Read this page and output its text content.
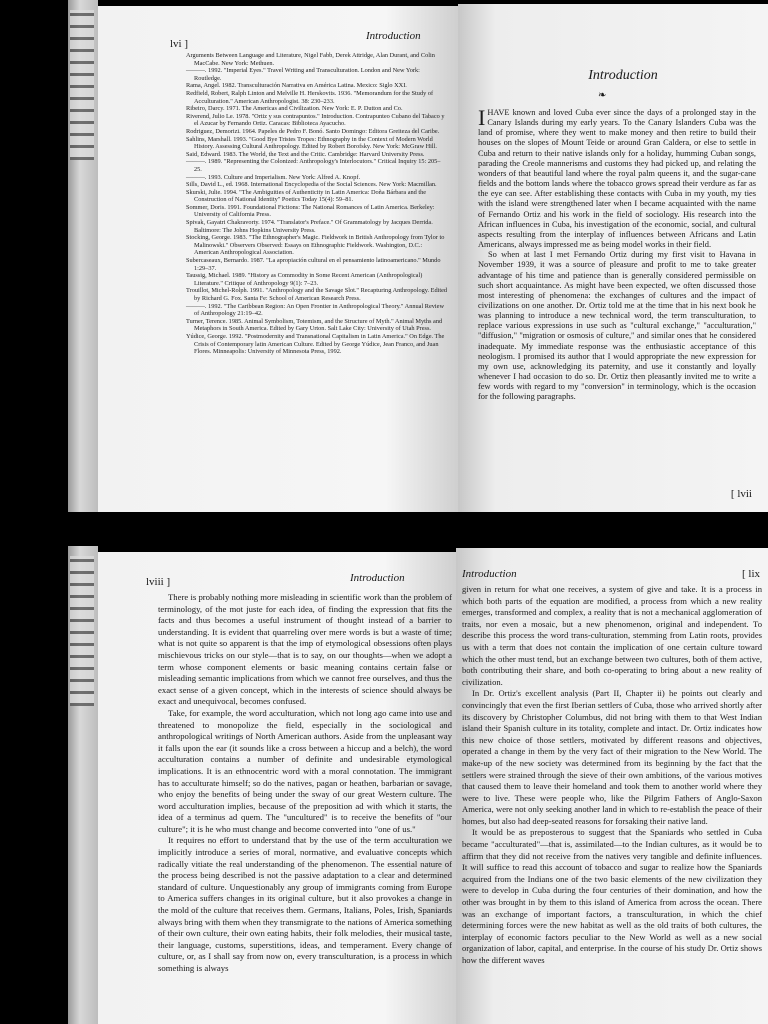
lvi ]
Introduction
Arguments Between Language and Literature, Nigel Fabb, Derek Attridge, Alan Durant, and Colin MacCabe. New York: Methuen.
———. 1992. "Imperial Eyes." Travel Writing and Transculturation. London and New York: Routledge.
Rama, Angel. 1982. Transculturación Narrativa en América Latina. Mexico: Siglo XXI.
Redfield, Robert, Ralph Linton and Melville H. Herskovits. 1936. "Memorandum for the Study of Acculturation." American Anthropologist. 38: 230–233.
Ribeiro, Darcy. 1971. The Americas and Civilization. New York: E. P. Dutton and Co.
Riverend, Julio Le. 1978. "Ortiz y sus contrapuntos." Introduction. Contrapunteo Cubano del Tabaco y el Azucar by Fernando Ortiz. Caracas: Biblioteca Ayacucho.
Rodriguez, Demorizi. 1964. Papeles de Pedro F. Bonó. Santo Domingo: Editora Greiteza del Caribe.
Sahlins, Marshall. 1993. "Good Bye Tristes Tropes: Ethnography in the Context of Modern World History. Assessing Cultural Anthropology. Edited by Robert Borofsky. New York: McGraw Hill.
Said, Edward. 1983. The World, the Text and the Critic. Cambridge: Harvard University Press.
———. 1989. "Representing the Colonized: Anthropology's Interlocutors." Critical Inquiry 15: 205–25.
———. 1993. Culture and Imperialism. New York: Alfred A. Knopf.
Sills, David L., ed. 1968. International Encyclopedia of the Social Sciences. New York: Macmillan.
Skurski, Julie. 1994. "The Ambiguities of Authenticity in Latin America: Doña Bárbara and the Construction of National Identity" Poetics Today 15(4): 59–81.
Sommer, Doris. 1991. Foundational Fictions: The National Romances of Latin America. Berkeley: University of California Press.
Spivak, Gayatri Chakravorty. 1974. "Translator's Preface." Of Grammatology by Jacques Derrida. Baltimore: The Johns Hopkins University Press.
Stocking, George. 1983. "The Ethnographer's Magic. Fieldwork in British Anthropology from Tylor to Malinowski." Observers Observed: Essays on Ethnographic Fieldwork. Washington, D.C.: American Anthropological Association.
Subercaseaux, Bernardo. 1987. "La apropiación cultural en el pensamiento latinoamericano." Mundo 1:29–37.
Taussig, Michael. 1989. "History as Commodity in Some Recent American (Anthropological) Literature." Critique of Anthropology 9(1): 7–23.
Trouillot, Michel-Rolph. 1991. "Anthropology and the Savage Slot." Recapturing Anthropology. Edited by Richard G. Fox. Santa Fe: School of American Research Press.
———. 1992. "The Caribbean Region: An Open Frontier in Anthropological Theory." Annual Review of Anthropology 21:19–42.
Turner, Terence. 1985. Animal Symbolism, Totemism, and the Structure of Myth." Animal Myths and Metaphors in South America. Edited by Gary Urton. Salt Lake City: University of Utah Press.
Yúdice, George. 1992. "Postmodernity and Transnational Capitalism in Latin America." On Edge. The Crisis of Contemporary latin American Culture. Edited by George Yúdice, Jean Franco, and Juan Flores. Minneapolis: University of Minnesota Press, 1992.
Introduction
❧

IHAVE known and loved Cuba ever since the days of a prolonged stay in the Canary Islands during my early years. To the Canary Islanders Cuba was the land of promise, where they went to make money and then retire to build their houses on the slopes of Mount Teide or around Gran Caldera, or else to settle in Cuba and return to their native islands only for a holiday, humming Cuban songs, parading the Creole mannerisms and customs they had picked up, and relating the wonders of that beautiful land where the royal palm queens it, and the sugar-cane fields and the bottom lands where the tobacco grows spread their verdure as far as the eye can see. After establishing these contacts with Cuba in my youth, my ties with the island were strengthened later when I became acquainted with the name of Fernando Ortiz and his work in the field of sociology. His research into the African influences in Cuba, his investigation of the economic, social, and cultural aspects resulting from the interplay of influences between Africans and Latin Americans, always impressed me as being model works in their field.

So when at last I met Fernando Ortiz during my first visit to Havana in November 1939, it was a source of pleasure and profit to me to take greater advantage of his time and patience than is generally considered permissible on such short acquaintance. As might have been expected, we often discussed those most interesting of phenomena: the exchanges of cultures and the impact of civilizations on one another. Dr. Ortiz told me at the time that in his next book he was planning to introduce a new technical word, the term transculturation, to replace various expressions in use such as "cultural exchange," "acculturation," "diffusion," "migration or osmosis of culture," and similar ones that he considered inadequate. My immediate response was the enthusiastic acceptance of this neologism. I promised its author that I would appropriate the new expression for my own use, acknowledging its paternity, and use it constantly and loyally whenever I had occasion to do so. Dr. Ortiz then pleasantly invited me to write a few words with regard to my "conversion" in terminology, which is the occasion for the following paragraphs.

[ lvii
lviii ]	Introduction

There is probably nothing more misleading in scientific work than the problem of terminology, of the mot juste for each idea, of finding the expression that fits the facts and thus becomes a useful instrument of thought instead of a barrier to understanding. It is evident that quarreling over mere words is but a waste of time; what is not quite so apparent is that the imp of etymological obsessions often plays mischievous tricks on our style—that is to say, on our thoughts—when we adopt a term whose component elements or basic meaning contains certain false or misleading semantic implications from which we cannot free ourselves, and thus the exact sense of a given concept, which in the interests of science should always be exact and unequivocal, becomes confused.

Take, for example, the word acculturation, which not long ago came into use and threatened to monopolize the field, especially in the sociological and anthropological writings of North American authors. Aside from the unpleasant way it falls upon the ear (it sounds like a cross between a hiccup and a belch), the word acculturation contains a number of definite and undesirable etymological implications. It is an ethnocentric word with a moral connotation. The immigrant has to acculturate himself; so do the natives, pagan or heathen, barbarian or savage, who enjoy the benefits of being under the sway of our great Western culture. The word acculturation implies, because of the preposition ad with which it starts, the idea of a terminus ad quem. The "uncultured" is to receive the benefits of "our culture"; it is he who must change and become converted into "one of us."

It requires no effort to understand that by the use of the term acculturation we implicitly introduce a series of moral, normative, and evaluative concepts which radically vitiate the real understanding of the phenomenon. The essential nature of the process being described is not the passive adaptation to a clear and determined standard of culture. Unquestionably any group of immigrants coming from Europe to America suffers changes in its original culture, but it also provokes a change in the mold of the culture that receives them. Germans, Italians, Poles, Irish, Spaniards always bring with them when they transmigrate to the nations of America something of their own culture, their own eating habits, their folk melodies, their musical taste, their language, customs, superstitions, ideas, and temperament. Every change of culture, or, as I shall say from now on, every transculturation, is a process in which something is always

Introduction	[ lix

given in return for what one receives, a system of give and take. It is a process in which both parts of the equation are modified, a process from which a new reality emerges, transformed and complex, a reality that is not a mechanical agglomeration of traits, nor even a mosaic, but a new phenomenon, original and independent. To describe this process the word trans-culturation, stemming from Latin roots, provides us with a term that does not contain the implication of one certain culture toward which the other must tend, but an exchange between two cultures, both of them active, both contributing their share, and both co-operating to bring about a new reality of civilization.

In Dr. Ortiz's excellent analysis (Part II, Chapter ii) he points out clearly and convincingly that even the first Iberian settlers of Cuba, those who arrived shortly after its discovery by Christopher Columbus, did not bring with them to that West Indian island their Spanish culture in its totality, complete and intact. Dr. Ortiz indicates how this new choice of those settlers, motivated by different reasons and objectives, operated a change in them by the very fact of their migration to the New World. The make-up of the new society was determined from its beginning by the fact that the settlers were strained through the sieve of their own ambitions, of the various motives that caused them to leave their homeland and took them to another world where they were to live. These were people who, like the Pilgrim Fathers of Anglo-Saxon America, were not only seeking another land in which to re-establish the peace of their homes, but also had deep-seated reasons for forsaking their native land.

It would be as preposterous to suggest that the Spaniards who settled in Cuba became "acculturated"—that is, assimilated—to the Indian cultures, as it would be to affirm that they did not receive from the natives very tangible and definite influences. It will suffice to read this account of tobacco and sugar to realize how the Spaniards acquired from the Indians one of the two basic elements of the new civilization they were to develop in Cuba during the four centuries of their domination, and how the other was brought in by them to this island of America from across the ocean. There was an exchange of important factors, a transculturation, in which the chief determining forces were the new habitat as well as the old traits of both cultures, the interplay of economic factors peculiar to the New World as well as a new social organization of labor, capital, and enterprise. In the course of his study Dr. Ortiz shows how the different waves
